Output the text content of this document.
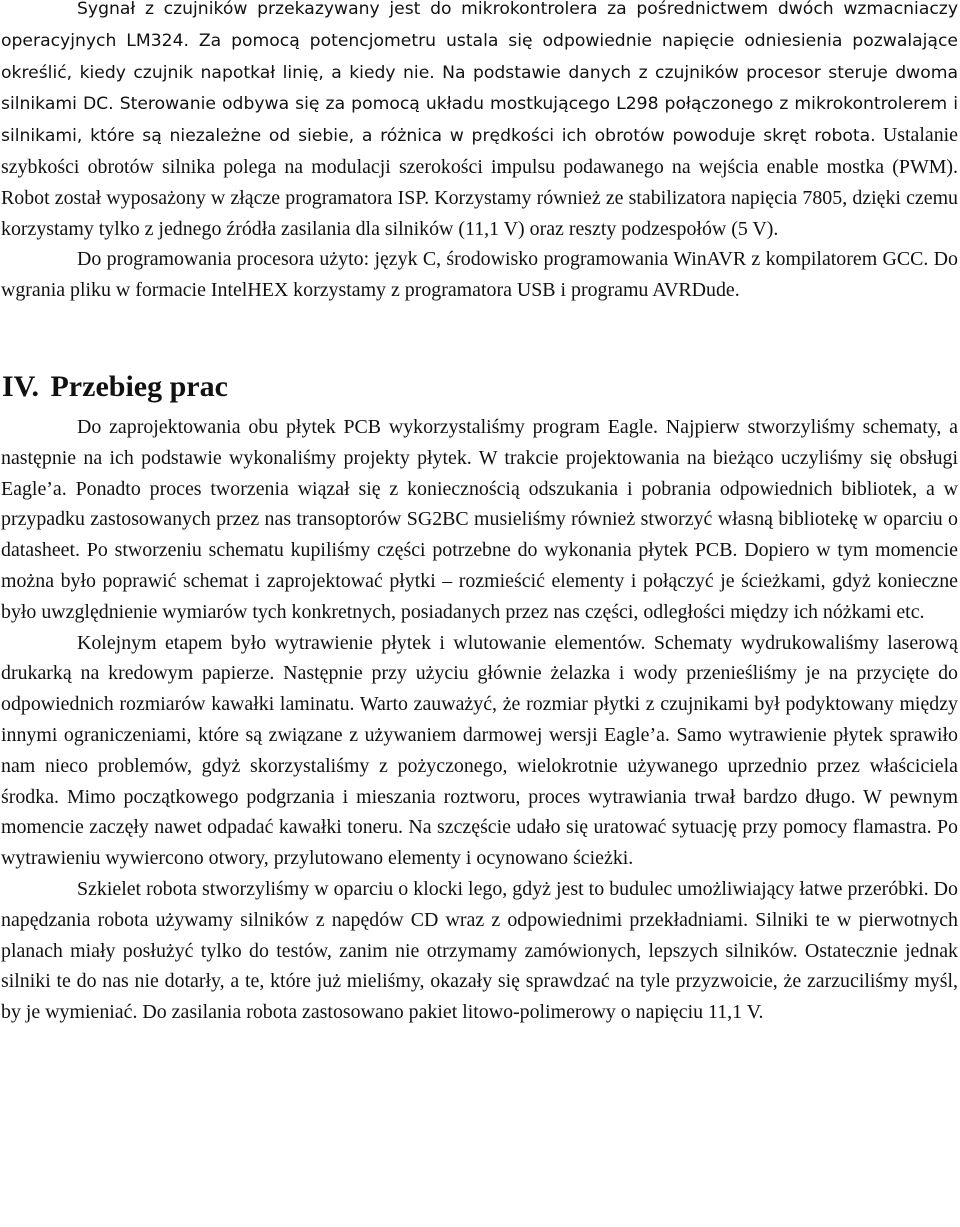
Sygnał z czujników przekazywany jest do mikrokontrolera za pośrednictwem dwóch wzmacniaczy operacyjnych LM324. Za pomocą potencjometru ustala się odpowiednie napięcie odniesienia pozwalające określić, kiedy czujnik napotkał linię, a kiedy nie. Na podstawie danych z czujników procesor steruje dwoma silnikami DC. Sterowanie odbywa się za pomocą układu mostkującego L298 połączonego z mikrokontrolerem i silnikami, które są niezależne od siebie, a różnica w prędkości ich obrotów powoduje skręt robota. Ustalanie szybkości obrotów silnika polega na modulacji szerokości impulsu podawanego na wejścia enable mostka (PWM). Robot został wyposażony w złącze programatora ISP. Korzystamy również ze stabilizatora napięcia 7805, dzięki czemu korzystamy tylko z jednego źródła zasilania dla silników (11,1 V) oraz reszty podzespołów (5 V).

Do programowania procesora użyto: język C, środowisko programowania WinAVR z kompilatorem GCC. Do wgrania pliku w formacie IntelHEX korzystamy z programatora USB i programu AVRDude.

IV. Przebieg prac

Do zaprojektowania obu płytek PCB wykorzystaliśmy program Eagle. Najpierw stworzyliśmy schematy, a następnie na ich podstawie wykonaliśmy projekty płytek. W trakcie projektowania na bieżąco uczyliśmy się obsługi Eagle’a. Ponadto proces tworzenia wiązał się z koniecznością odszukania i pobrania odpowiednich bibliotek, a w przypadku zastosowanych przez nas transoptorów SG2BC musieliśmy również stworzyć własną bibliotekę w oparciu o datasheet. Po stworzeniu schematu kupiliśmy części potrzebne do wykonania płytek PCB. Dopiero w tym momencie można było poprawić schemat i zaprojektować płytki – rozmieścić elementy i połączyć je ścieżkami, gdyż konieczne było uwzględnienie wymiarów tych konkretnych, posiadanych przez nas części, odległości między ich nóżkami etc.

Kolejnym etapem było wytrawienie płytek i wlutowanie elementów. Schematy wydrukowaliśmy laserową drukarką na kredowym papierze. Następnie przy użyciu głównie żelazka i wody przenieśliśmy je na przycięte do odpowiednich rozmiarów kawałki laminatu. Warto zauważyć, że rozmiar płytki z czujnikami był podyktowany między innymi ograniczeniami, które są związane z używaniem darmowej wersji Eagle’a. Samo wytrawienie płytek sprawiło nam nieco problemów, gdyż skorzystaliśmy z pożyczonego, wielokrotnie używanego uprzednio przez właściciela środka. Mimo początkowego podgrzania i mieszania roztworu, proces wytrawiania trwał bardzo długo. W pewnym momencie zaczęły nawet odpadać kawałki toneru. Na szczęście udało się uratować sytuację przy pomocy flamastra. Po wytrawieniu wywiercono otwory, przylutowano elementy i ocynowano ścieżki.

Szkielet robota stworzyliśmy w oparciu o klocki lego, gdyż jest to budulec umożliwiający łatwe przeróbki. Do napędzania robota używamy silników z napędów CD wraz z odpowiednimi przekładniami. Silniki te w pierwotnych planach miały posłużyć tylko do testów, zanim nie otrzymamy zamówionych, lepszych silników. Ostatecznie jednak silniki te do nas nie dotarły, a te, które już mieliśmy, okazały się sprawdzać na tyle przyzwoicie, że zarzuciliśmy myśl, by je wymieniać. Do zasilania robota zastosowano pakiet litowo-polimerowy o napięciu 11,1 V.
